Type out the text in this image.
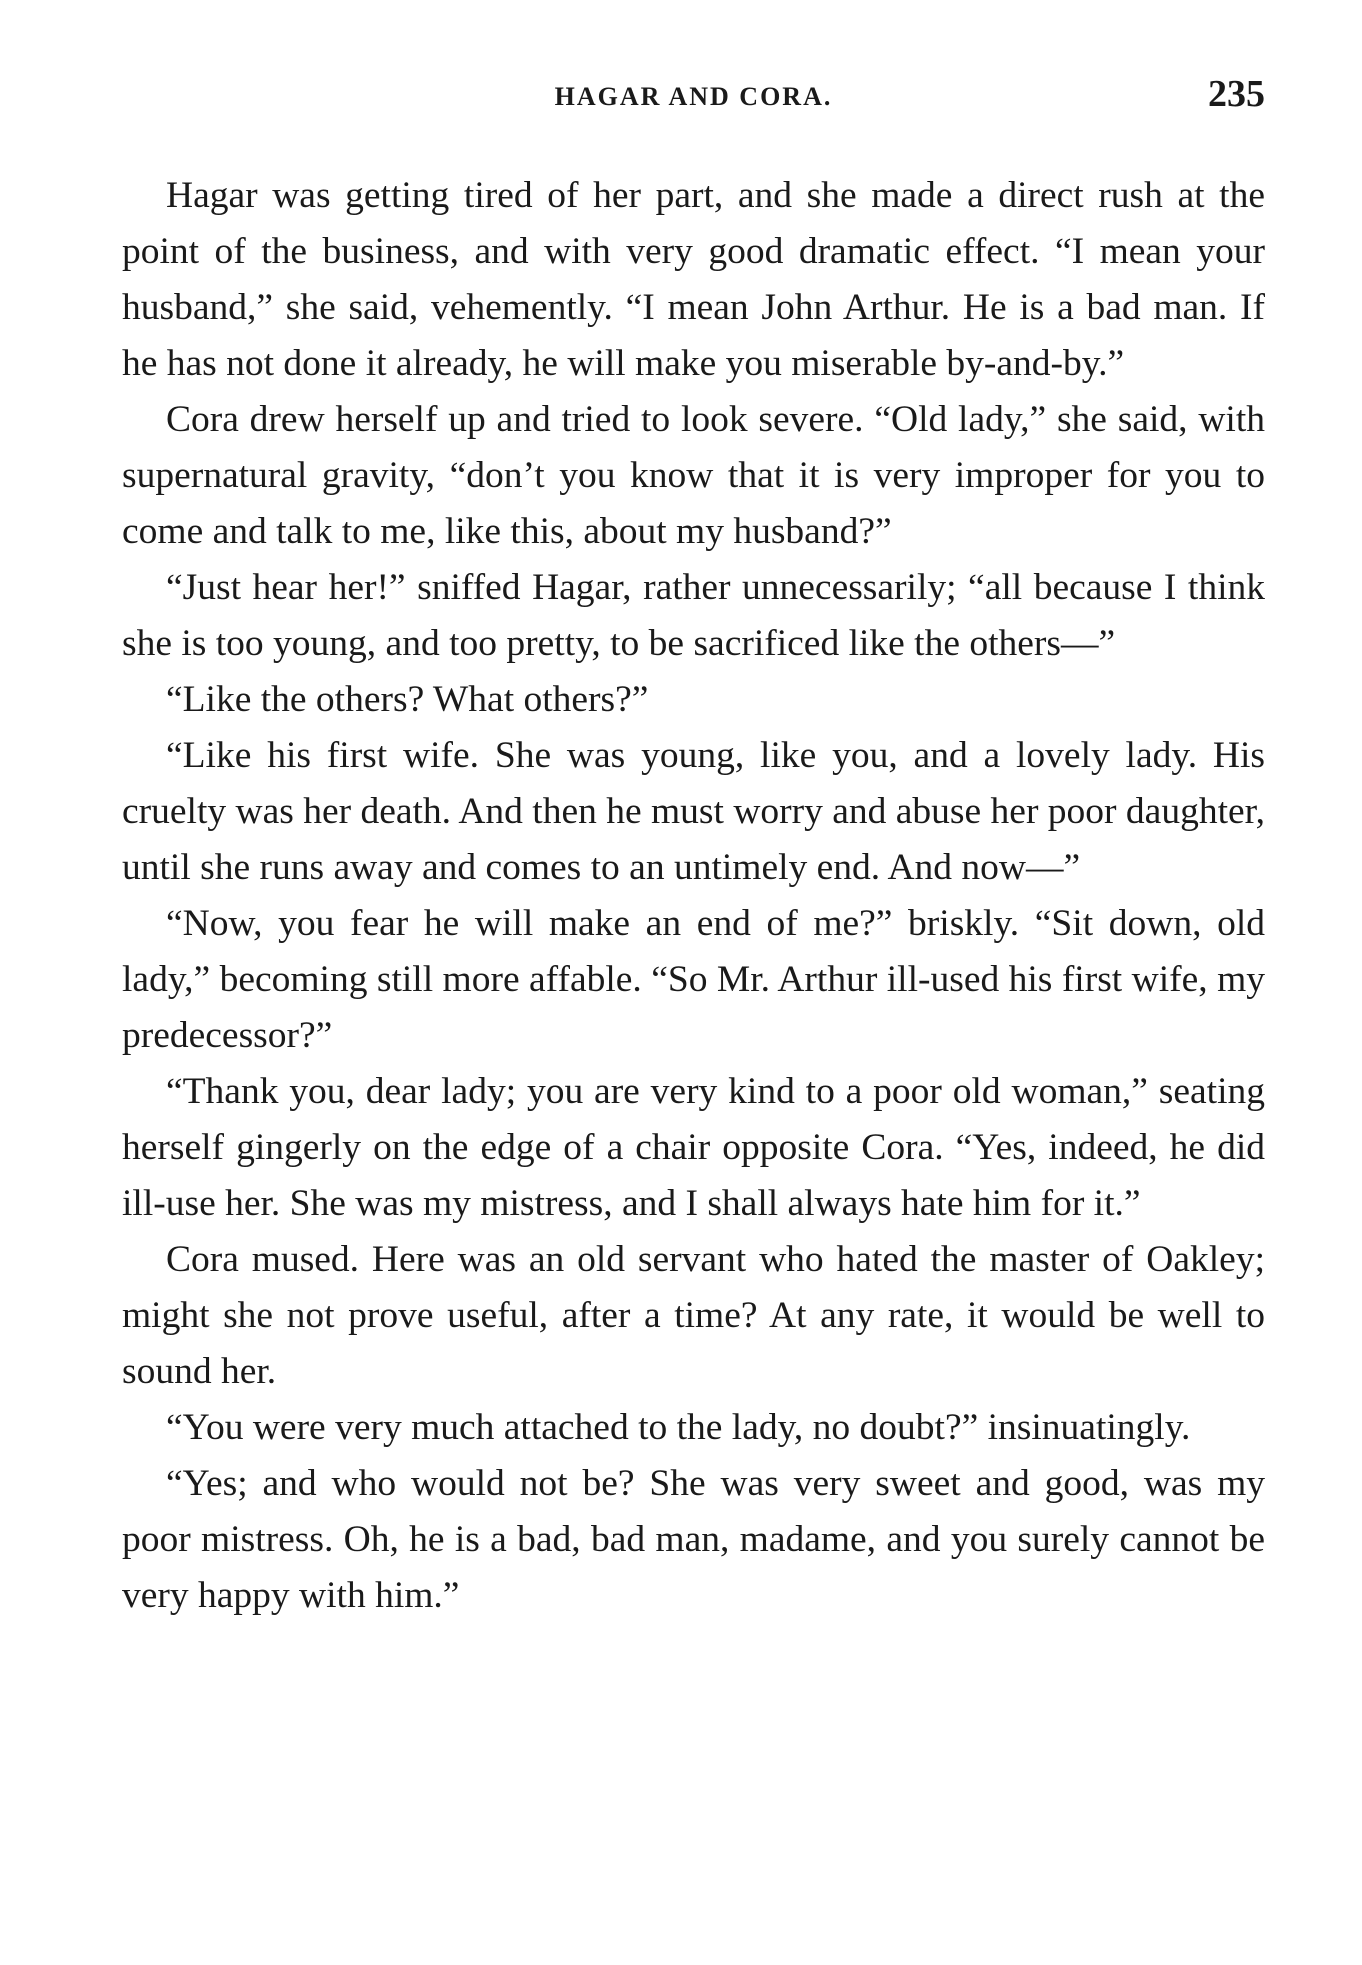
HAGAR AND CORA.	235

Hagar was getting tired of her part, and she made a direct rush at the point of the business, and with very good dramatic effect. “I mean your husband,” she said, vehemently. “I mean John Arthur. He is a bad man. If he has not done it already, he will make you miserable by-and-by.”

Cora drew herself up and tried to look severe. “Old lady,” she said, with supernatural gravity, “don’t you know that it is very improper for you to come and talk to me, like this, about my husband?”

“Just hear her!” sniffed Hagar, rather unnecessarily; “all because I think she is too young, and too pretty, to be sacrificed like the others—”

“Like the others? What others?”

“Like his first wife. She was young, like you, and a lovely lady. His cruelty was her death. And then he must worry and abuse her poor daughter, until she runs away and comes to an untimely end. And now—”

“Now, you fear he will make an end of me?” briskly. “Sit down, old lady,” becoming still more affable. “So Mr. Arthur ill-used his first wife, my predecessor?”

“Thank you, dear lady; you are very kind to a poor old woman,” seating herself gingerly on the edge of a chair opposite Cora. “Yes, indeed, he did ill-use her. She was my mistress, and I shall always hate him for it.”

Cora mused. Here was an old servant who hated the master of Oakley; might she not prove useful, after a time? At any rate, it would be well to sound her.

“You were very much attached to the lady, no doubt?” insinuatingly.

“Yes; and who would not be? She was very sweet and good, was my poor mistress. Oh, he is a bad, bad man, madame, and you surely cannot be very happy with him.”
